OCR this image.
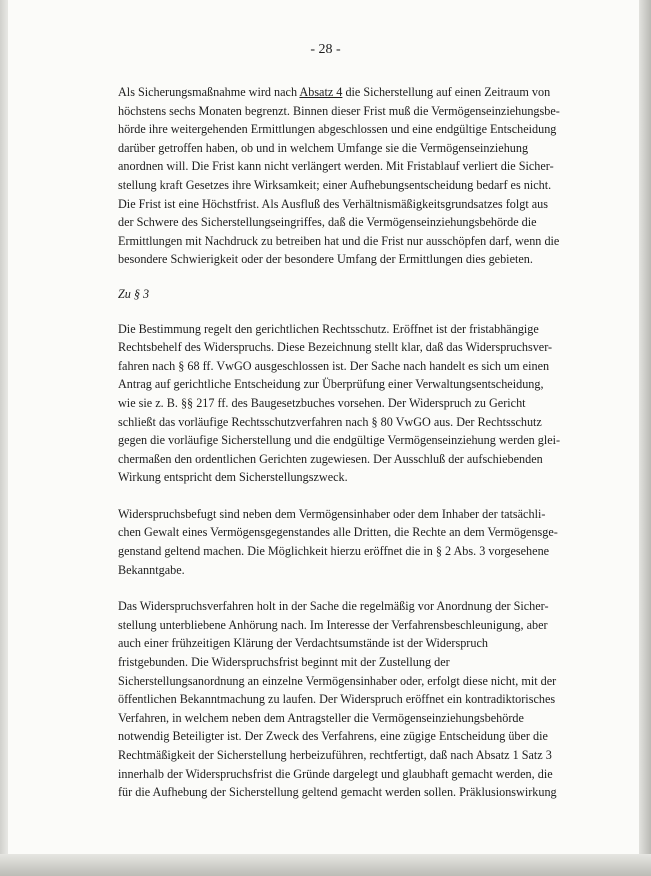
- 28 -
Als Sicherungsmaßnahme wird nach Absatz 4 die Sicherstellung auf einen Zeitraum von
höchstens sechs Monaten begrenzt. Binnen dieser Frist muß die Vermögenseinziehungsbe-
hörde ihre weitergehenden Ermittlungen abgeschlossen und eine endgültige Entscheidung
darüber getroffen haben, ob und in welchem Umfange sie die Vermögenseinziehung
anordnen will. Die Frist kann nicht verlängert werden. Mit Fristablauf verliert die Sicher-
stellung kraft Gesetzes ihre Wirksamkeit; einer Aufhebungsentscheidung bedarf es nicht.
Die Frist ist eine Höchstfrist. Als Ausfluß des Verhältnismäßigkeitsgrundsatzes folgt aus
der Schwere des Sicherstellungseingriffes, daß die Vermögenseinziehungsbehörde die
Ermittlungen mit Nachdruck zu betreiben hat und die Frist nur ausschöpfen darf, wenn die
besondere Schwierigkeit oder der besondere Umfang der Ermittlungen dies gebieten.
Zu § 3
Die Bestimmung regelt den gerichtlichen Rechtsschutz. Eröffnet ist der fristabhängige
Rechtsbehelf des Widerspruchs. Diese Bezeichnung stellt klar, daß das Widerspruchsver-
fahren nach § 68 ff. VwGO ausgeschlossen ist. Der Sache nach handelt es sich um einen
Antrag auf gerichtliche Entscheidung zur Überprüfung einer Verwaltungsentscheidung,
wie sie z. B. §§ 217 ff. des Baugesetzbuches vorsehen. Der Widerspruch zu Gericht
schließt das vorläufige Rechtsschutzverfahren nach § 80 VwGO aus. Der Rechtsschutz
gegen die vorläufige Sicherstellung und die endgültige Vermögenseinziehung werden glei-
chermaßen den ordentlichen Gerichten zugewiesen. Der Ausschluß der aufschiebenden
Wirkung entspricht dem Sicherstellungszweck.
Widerspruchsbefugt sind neben dem Vermögensinhaber oder dem Inhaber der tatsächli-
chen Gewalt eines Vermögensgegenstandes alle Dritten, die Rechte an dem Vermögensge-
genstand geltend machen. Die Möglichkeit hierzu eröffnet die in § 2 Abs. 3 vorgesehene
Bekanntgabe.
Das Widerspruchsverfahren holt in der Sache die regelmäßig vor Anordnung der Sicher-
stellung unterbliebene Anhörung nach. Im Interesse der Verfahrensbeschleunigung, aber
auch einer frühzeitigen Klärung der Verdachtsumstände ist der Widerspruch
fristgebunden. Die Widerspruchsfrist beginnt mit der Zustellung der
Sicherstellungsanordnung an einzelne Vermögensinhaber oder, erfolgt diese nicht, mit der
öffentlichen Bekanntmachung zu laufen. Der Widerspruch eröffnet ein kontradiktorisches
Verfahren, in welchem neben dem Antragsteller die Vermögenseinziehungsbehörde
notwendig Beteiligter ist. Der Zweck des Verfahrens, eine zügige Entscheidung über die
Rechtmäßigkeit der Sicherstellung herbeizuführen, rechtfertigt, daß nach Absatz 1 Satz 3
innerhalb der Widerspruchsfrist die Gründe dargelegt und glaubhaft gemacht werden, die
für die Aufhebung der Sicherstellung geltend gemacht werden sollen. Präklusionswirkung
